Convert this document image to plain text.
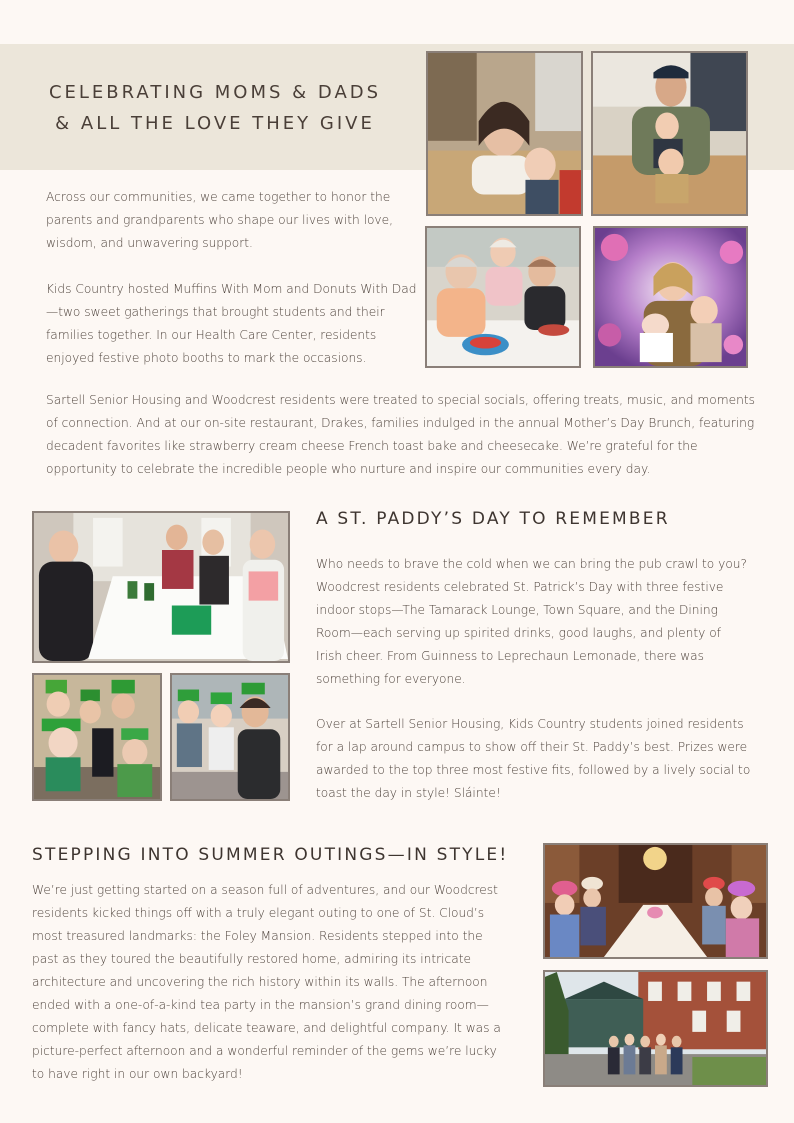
CELEBRATING MOMS & DADS
& ALL THE LOVE THEY GIVE

Across our communities, we came together to honor the parents and grandparents who shape our lives with love, wisdom, and unwavering support.

Kids Country hosted Muffins With Mom and Donuts With Dad—two sweet gatherings that brought students and their families together. In our Health Care Center, residents enjoyed festive photo booths to mark the occasions.

Sartell Senior Housing and Woodcrest residents were treated to special socials, offering treats, music, and moments of connection. And at our on-site restaurant, Drakes, families indulged in the annual Mother’s Day Brunch, featuring decadent favorites like strawberry cream cheese French toast bake and cheesecake. We’re grateful for the opportunity to celebrate the incredible people who nurture and inspire our communities every day.

A ST. PADDY’S DAY TO REMEMBER

Who needs to brave the cold when we can bring the pub crawl to you? Woodcrest residents celebrated St. Patrick’s Day with three festive indoor stops—The Tamarack Lounge, Town Square, and the Dining Room—each serving up spirited drinks, good laughs, and plenty of Irish cheer. From Guinness to Leprechaun Lemonade, there was something for everyone.

Over at Sartell Senior Housing, Kids Country students joined residents for a lap around campus to show off their St. Paddy’s best. Prizes were awarded to the top three most festive fits, followed by a lively social to toast the day in style! Sláinte!

STEPPING INTO SUMMER OUTINGS—IN STYLE!

We’re just getting started on a season full of adventures, and our Woodcrest residents kicked things off with a truly elegant outing to one of St. Cloud’s most treasured landmarks: the Foley Mansion. Residents stepped into the past as they toured the beautifully restored home, admiring its intricate architecture and uncovering the rich history within its walls. The afternoon ended with a one-of-a-kind tea party in the mansion’s grand dining room—complete with fancy hats, delicate teaware, and delightful company. It was a picture-perfect afternoon and a wonderful reminder of the gems we’re lucky to have right in our own backyard!
